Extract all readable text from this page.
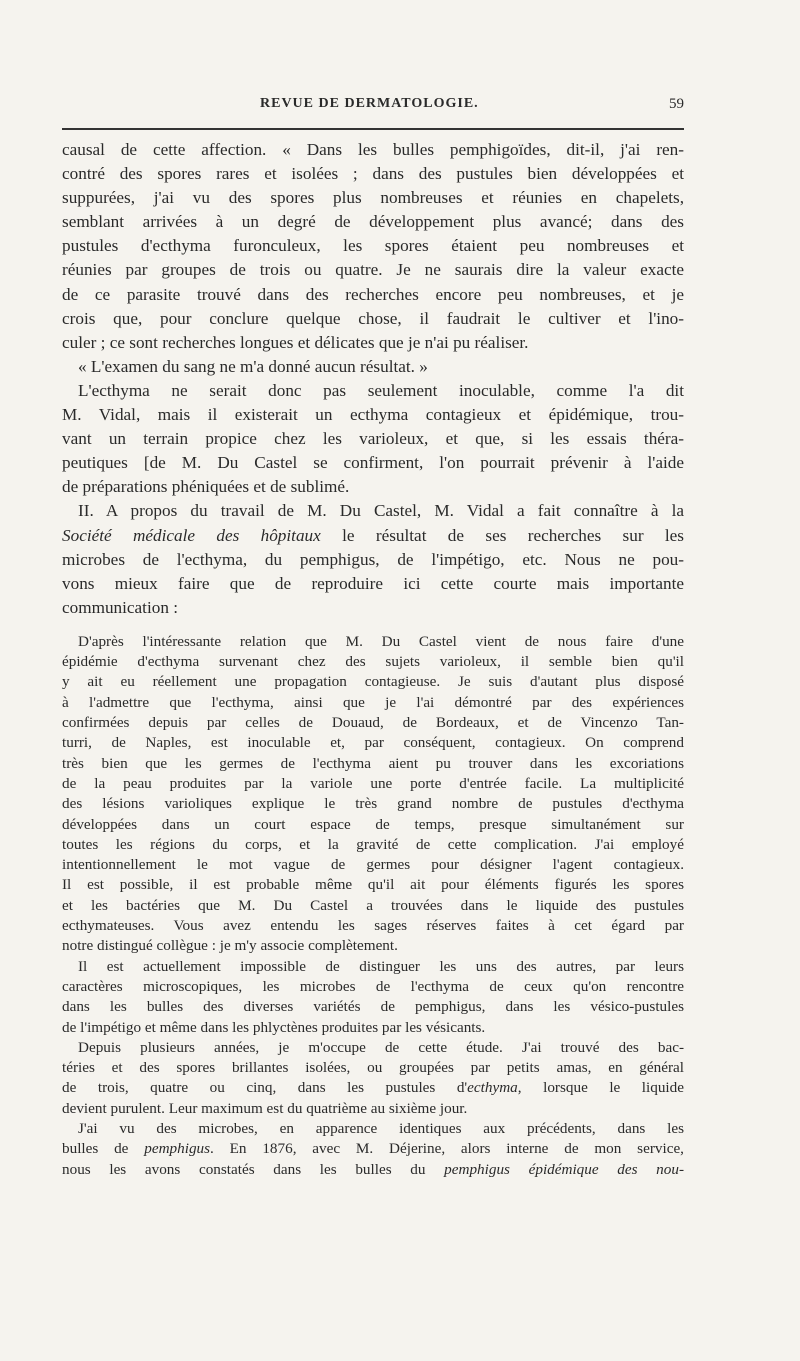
REVUE DE DERMATOLOGIE.	59

causal de cette affection. « Dans les bulles pemphigoïdes, dit-il, j'ai ren-

contré des spores rares et isolées ; dans des pustules bien développées et

suppurées, j'ai vu des spores plus nombreuses et réunies en chapelets,

semblant arrivées à un degré de développement plus avancé; dans des

pustules d'ecthyma furonculeux, les spores étaient peu nombreuses et

réunies par groupes de trois ou quatre. Je ne saurais dire la valeur exacte

de ce parasite trouvé dans des recherches encore peu nombreuses, et je

crois que, pour conclure quelque chose, il faudrait le cultiver et l'ino-

culer ; ce sont recherches longues et délicates que je n'ai pu réaliser.

« L'examen du sang ne m'a donné aucun résultat. »

L'ecthyma ne serait donc pas seulement inoculable, comme l'a dit

M. Vidal, mais il existerait un ecthyma contagieux et épidémique, trou-

vant un terrain propice chez les varioleux, et que, si les essais théra-

peutiques [de M. Du Castel se confirment, l'on pourrait prévenir à l'aide

de préparations phéniquées et de sublimé.

II. A propos du travail de M. Du Castel, M. Vidal a fait connaître à la

Société médicale des hôpitaux le résultat de ses recherches sur les

microbes de l'ecthyma, du pemphigus, de l'impétigo, etc. Nous ne pou-

vons mieux faire que de reproduire ici cette courte mais importante

communication :

D'après l'intéressante relation que M. Du Castel vient de nous faire d'une

épidémie d'ecthyma survenant chez des sujets varioleux, il semble bien qu'il

y ait eu réellement une propagation contagieuse. Je suis d'autant plus disposé

à l'admettre que l'ecthyma, ainsi que je l'ai démontré par des expériences

confirmées depuis par celles de Douaud, de Bordeaux, et de Vincenzo Tan-

turri, de Naples, est inoculable et, par conséquent, contagieux. On comprend

très bien que les germes de l'ecthyma aient pu trouver dans les excoriations

de la peau produites par la variole une porte d'entrée facile. La multiplicité

des lésions varioliques explique le très grand nombre de pustules d'ecthyma

développées dans un court espace de temps, presque simultanément sur

toutes les régions du corps, et la gravité de cette complication. J'ai employé

intentionnellement le mot vague de germes pour désigner l'agent contagieux.

Il est possible, il est probable même qu'il ait pour éléments figurés les spores

et les bactéries que M. Du Castel a trouvées dans le liquide des pustules

ecthymateuses. Vous avez entendu les sages réserves faites à cet égard par

notre distingué collègue : je m'y associe complètement.

Il est actuellement impossible de distinguer les uns des autres, par leurs

caractères microscopiques, les microbes de l'ecthyma de ceux qu'on rencontre

dans les bulles des diverses variétés de pemphigus, dans les vésico-pustules

de l'impétigo et même dans les phlyctènes produites par les vésicants.

Depuis plusieurs années, je m'occupe de cette étude. J'ai trouvé des bac-

téries et des spores brillantes isolées, ou groupées par petits amas, en général

de trois, quatre ou cinq, dans les pustules d'ecthyma, lorsque le liquide

devient purulent. Leur maximum est du quatrième au sixième jour.

J'ai vu des microbes, en apparence identiques aux précédents, dans les

bulles de pemphigus. En 1876, avec M. Déjerine, alors interne de mon service,

nous les avons constatés dans les bulles du pemphigus épidémique des nou-
